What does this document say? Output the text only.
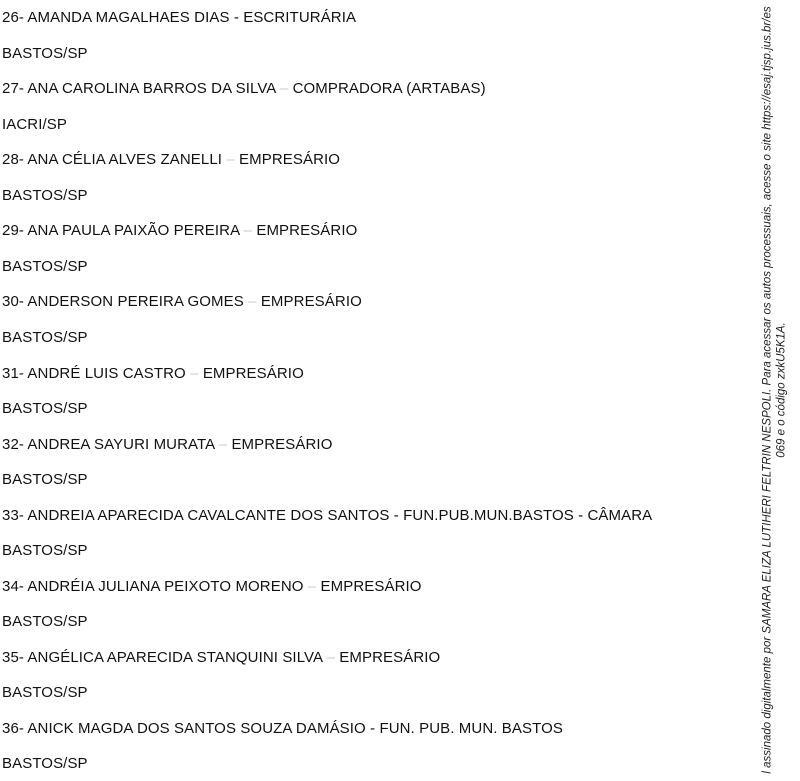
26- AMANDA MAGALHAES DIAS - ESCRITURÁRIA
BASTOS/SP
27- ANA CAROLINA BARROS DA SILVA – COMPRADORA (ARTABAS)
IACRI/SP
28- ANA CÉLIA ALVES ZANELLI – EMPRESÁRIO
BASTOS/SP
29- ANA PAULA PAIXÃO PEREIRA – EMPRESÁRIO
BASTOS/SP
30- ANDERSON PEREIRA GOMES – EMPRESÁRIO
BASTOS/SP
31- ANDRÉ LUIS CASTRO – EMPRESÁRIO
BASTOS/SP
32- ANDREA SAYURI MURATA – EMPRESÁRIO
BASTOS/SP
33- ANDREIA APARECIDA CAVALCANTE DOS SANTOS - FUN.PUB.MUN.BASTOS - CÂMARA
BASTOS/SP
34- ANDRÉIA JULIANA PEIXOTO MORENO – EMPRESÁRIO
BASTOS/SP
35- ANGÉLICA APARECIDA STANQUINI SILVA – EMPRESÁRIO
BASTOS/SP
36- ANICK MAGDA DOS SANTOS SOUZA DAMÁSIO - FUN. PUB. MUN. BASTOS
BASTOS/SP	l assinado digitalmente por SAMARA ELIZA LUTIHERI FELTRIN NESPOLI. Para acessar os autos processuais, acesse o site https://esaj.tjsp.jus.br/es 069 e o código zxkU5K1A.
